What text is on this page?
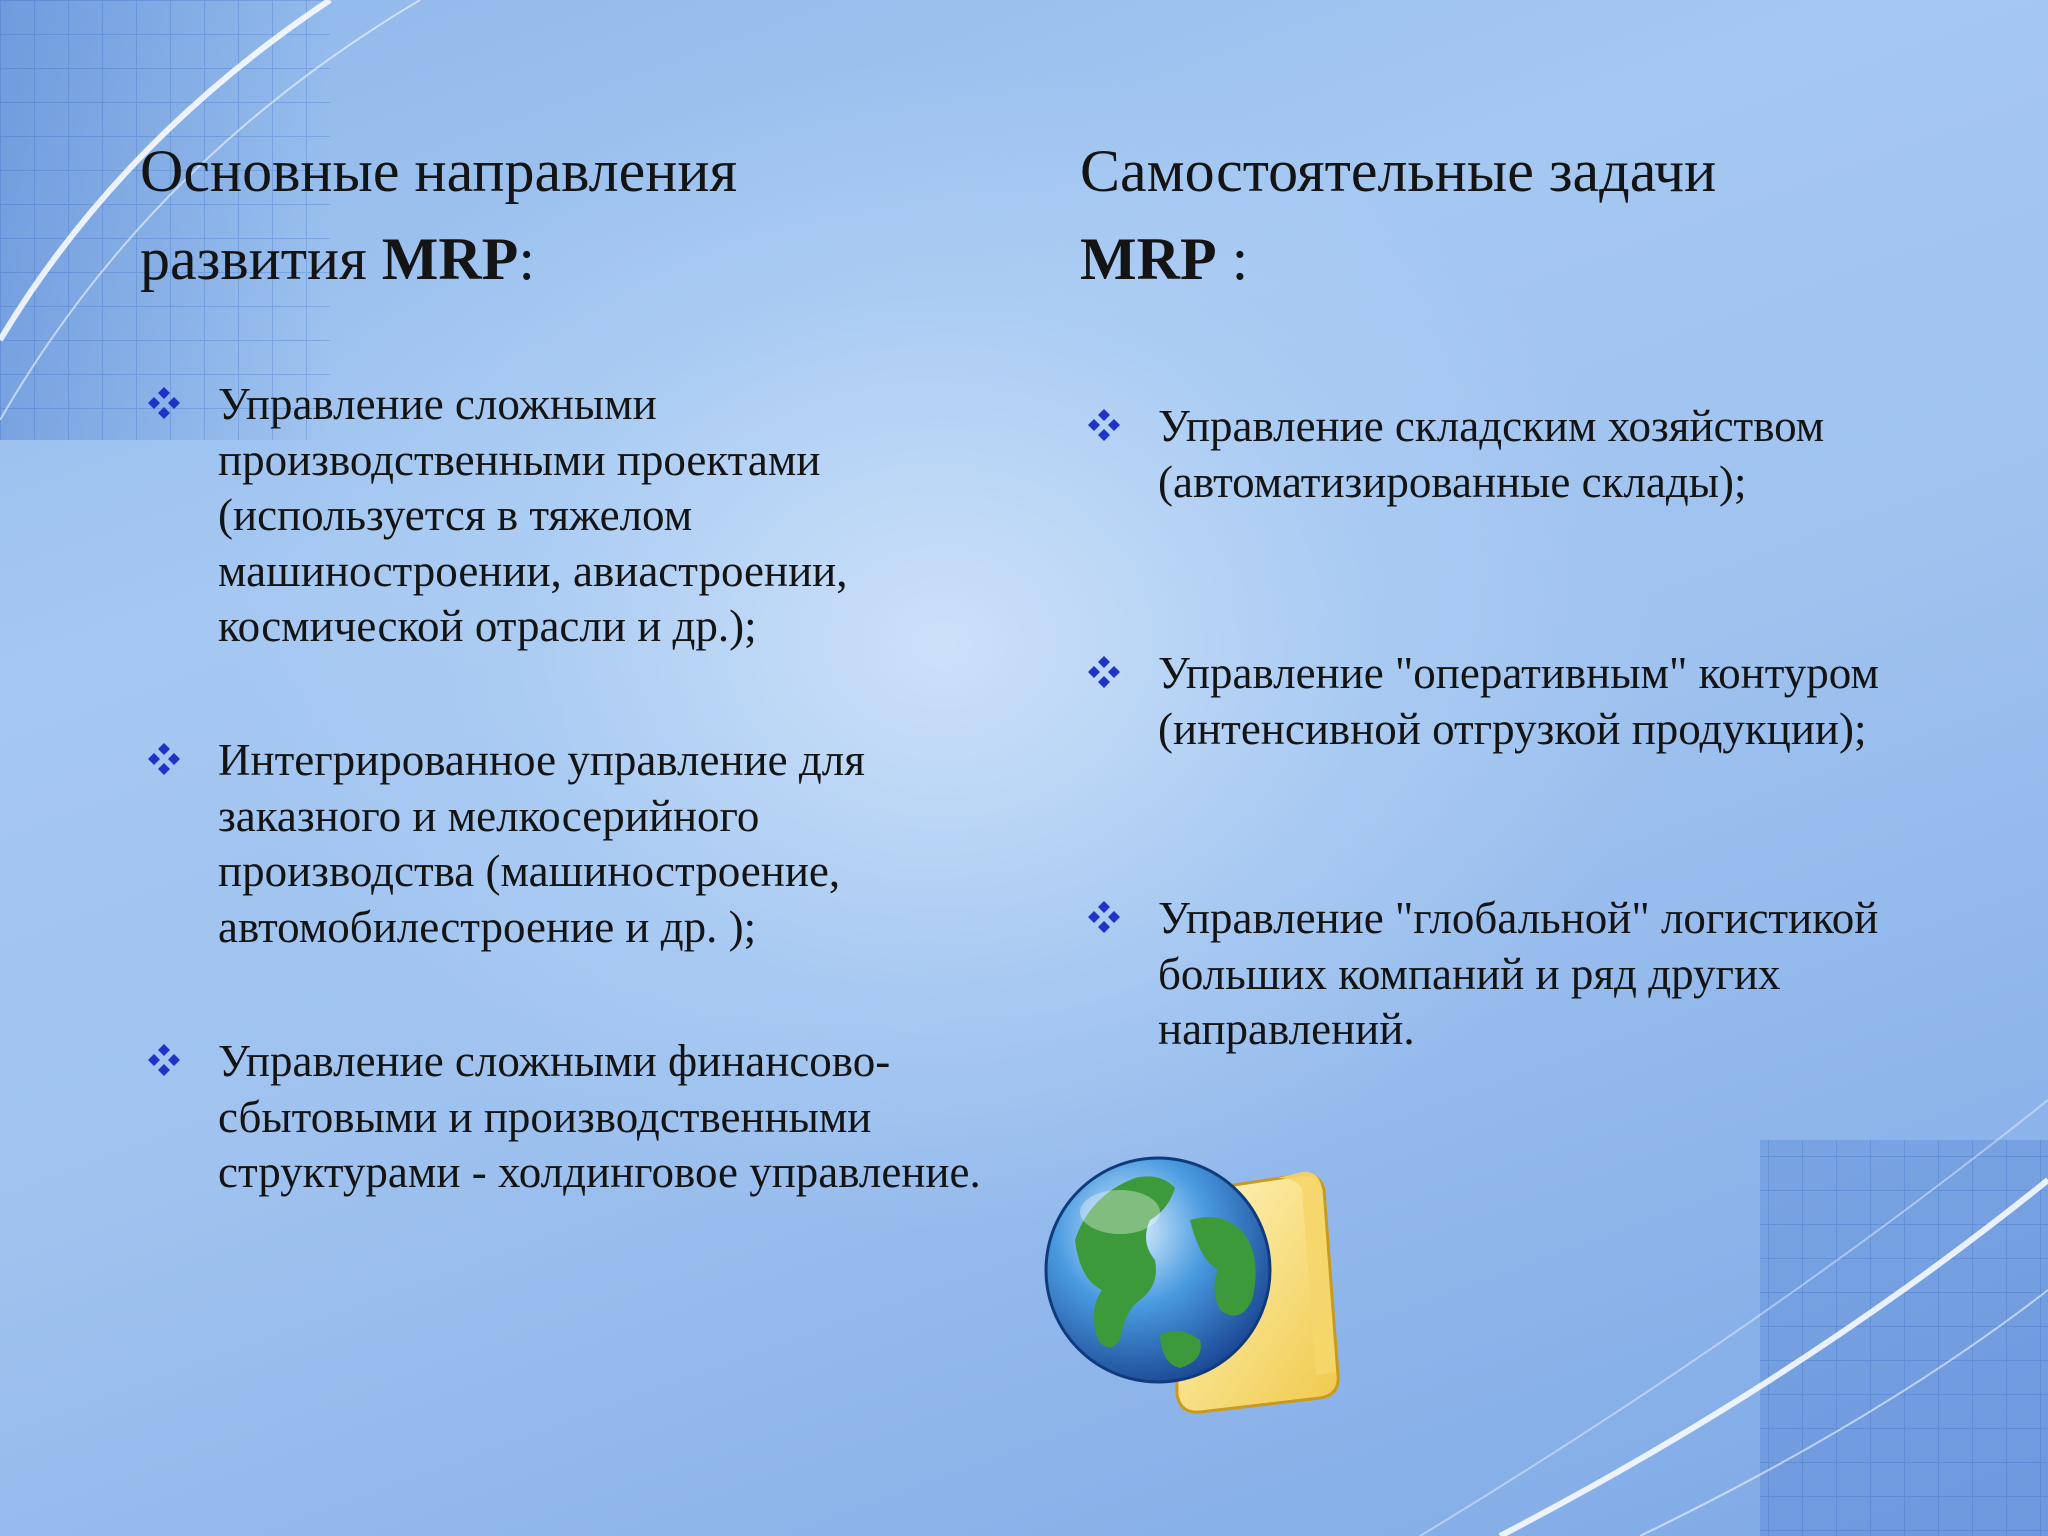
Основные направления
развития MRP:
Самостоятельные задачи
MRP :
Управление сложными производственными проектами (используется в тяжелом машиностроении, авиастроении, космической отрасли и др.);
Интегрированное управление для заказного и мелкосерийного производства (машиностроение, автомобилестроение и др. );
Управление сложными финансово-сбытовыми и производственными структурами - холдинговое управление.
Управление складским хозяйством (автоматизированные склады);
Управление "оперативным" контуром (интенсивной отгрузкой продукции);
Управление "глобальной" логистикой больших компаний и ряд других направлений.
